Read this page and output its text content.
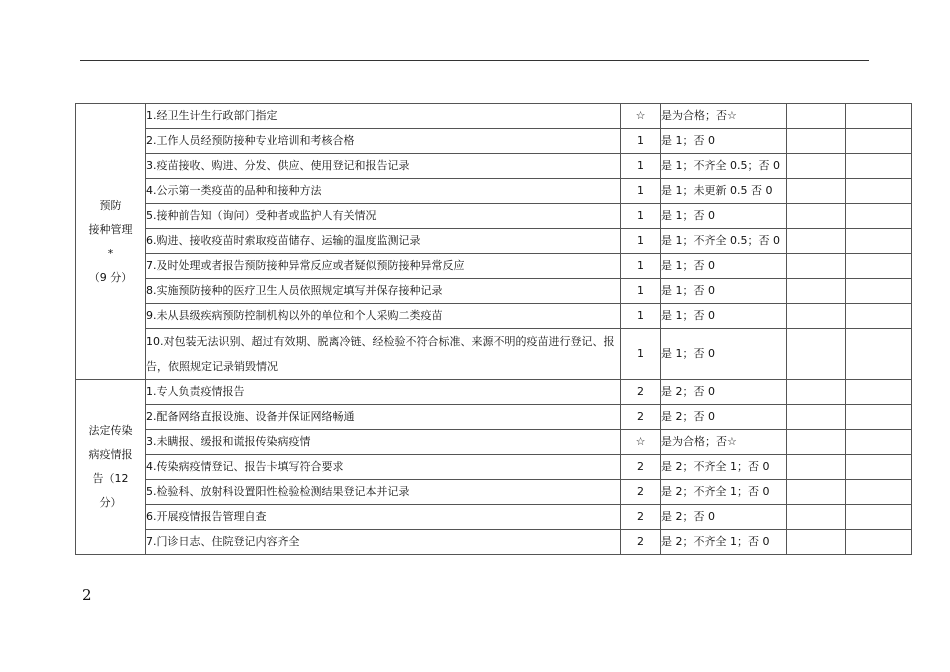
预防
接种管理
*
（9 分）	1.经卫生计生行政部门指定	☆	是为合格；否☆		
	2.工作人员经预防接种专业培训和考核合格	1	是 1；否 0		
	3.疫苗接收、购进、分发、供应、使用登记和报告记录	1	是 1；不齐全 0.5；否 0		
	4.公示第一类疫苗的品种和接种方法	1	是 1；未更新 0.5 否 0		
	5.接种前告知（询问）受种者或监护人有关情况	1	是 1；否 0		
	6.购进、接收疫苗时索取疫苗储存、运输的温度监测记录	1	是 1；不齐全 0.5；否 0		
	7.及时处理或者报告预防接种异常反应或者疑似预防接种异常反应	1	是 1；否 0		
	8.实施预防接种的医疗卫生人员依照规定填写并保存接种记录	1	是 1；否 0		
	9.未从县级疾病预防控制机构以外的单位和个人采购二类疫苗	1	是 1；否 0		
	10.对包装无法识别、超过有效期、脱离冷链、经检验不符合标准、来源不明的疫苗进行登记、报告，依照规定记录销毁情况	1	是 1；否 0		
法定传染
病疫情报
告（12
分）	1.专人负责疫情报告	2	是 2；否 0		
	2.配备网络直报设施、设备并保证网络畅通	2	是 2；否 0		
	3.未瞒报、缓报和谎报传染病疫情	☆	是为合格；否☆		
	4.传染病疫情登记、报告卡填写符合要求	2	是 2；不齐全 1；否 0		
	5.检验科、放射科设置阳性检验检测结果登记本并记录	2	是 2；不齐全 1；否 0		
	6.开展疫情报告管理自查	2	是 2；否 0		
	7.门诊日志、住院登记内容齐全	2	是 2；不齐全 1；否 0		
2
